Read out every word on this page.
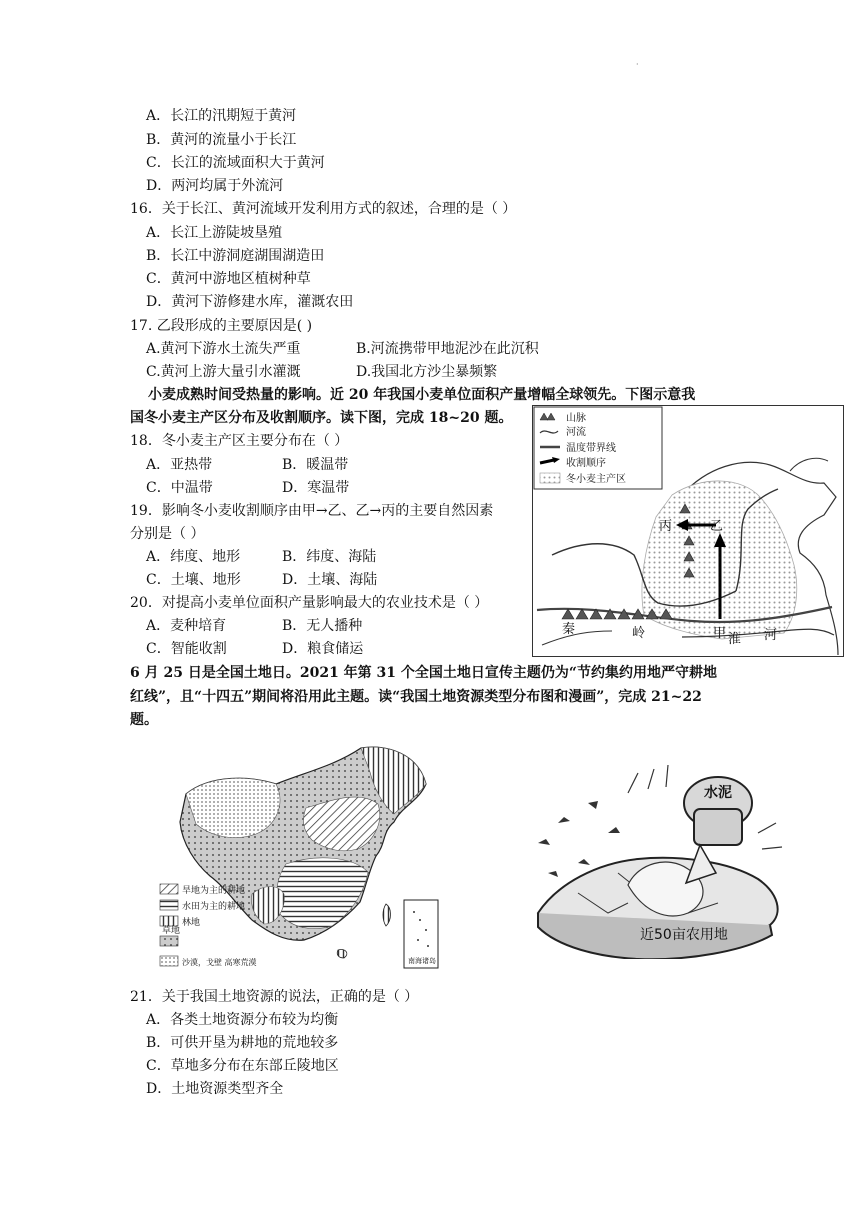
·
A．长江的汛期短于黄河
B．黄河的流量小于长江
C．长江的流域面积大于黄河
D．两河均属于外流河
16．关于长江、黄河流域开发利用方式的叙述，合理的是（ ）
A．长江上游陡坡垦殖
B．长江中游洞庭湖围湖造田
C．黄河中游地区植树种草
D．黄河下游修建水库，灌溉农田
17. 乙段形成的主要原因是( )
A.黄河下游水土流失严重	B.河流携带甲地泥沙在此沉积
C.黄河上游大量引水灌溉	D.我国北方沙尘暴频繁
小麦成熟时间受热量的影响。近 20 年我国小麦单位面积产量增幅全球领先。下图示意我
国冬小麦主产区分布及收割顺序。读下图，完成 18~20 题。
18．冬小麦主产区主要分布在（ ）
A．亚热带	B．暖温带
C．中温带	D．寒温带
19．影响冬小麦收割顺序由甲→乙、乙→丙的主要自然因素
分别是（ ）
A．纬度、地形	B．纬度、海陆
C．土壤、地形	D．土壤、海陆
20．对提高小麦单位面积产量影响最大的农业技术是（ ）
A．麦种培育	B．无人播种
C．智能收割	D．粮食储运
山脉
河流
温度带界线
收割顺序
冬小麦主产区
丙	乙
甲
秦	岭	淮 河
6 月 25 日是全国土地日。2021 年第 31 个全国土地日宣传主题仍为“节约集约用地严守耕地
红线”，且“十四五”期间将沿用此主题。读“我国土地资源类型分布图和漫画”，完成 21~22
题。
南海诸岛
旱地为主的耕地
水田为主的耕地
林地
草地
沙漠，戈壁 高寒荒漠
水泥
近50亩农用地
21．关于我国土地资源的说法，正确的是（ ）
A．各类土地资源分布较为均衡
B．可供开垦为耕地的荒地较多
C．草地多分布在东部丘陵地区
D．土地资源类型齐全
